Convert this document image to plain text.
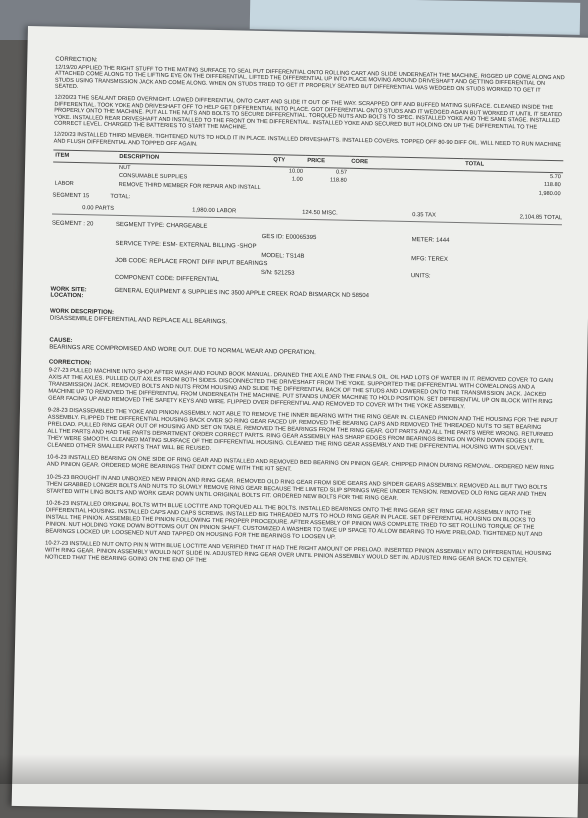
CORRECTION:

12/19/20 APPLIED THE RIGHT STUFF TO THE MATING SURFACE TO SEAL PUT DIFFERENTIAL ONTO ROLLING CART AND SLIDE UNDERNEATH THE MACHINE. RIGGED UP COME ALONG AND ATTACHED COME ALONG TO THE LIFTING EYE ON THE DIFFERENTIAL. LIFTED THE DIFFERENTIAL UP INTO PLACE MOVING AROUND DRIVESHAFT AND GETTING DIFFERENTIAL ON STUDS USING TRANSMISSION JACK AND COME ALONG. WHEN ON STUDS TRIED TO GET IT PROPERLY SEATED BUT DIFFERENTIAL WAS WEDGED ON STUDS WORKED TO GET IT SEATED.

12/20/23 THE SEALANT DRIED OVERNIGHT. LOWED DIFFERENTIAL ONTO CART AND SLIDE IT OUT OF THE WAY. SCRAPPED OFF AND BUFFED MATING SURFACE. CLEANED INSIDE THE DIFFERENTIAL. TOOK YOKE AND DRIVESHAFT OFF TO HELP GET DIFFERENTIAL INTO PLACE. GOT DIFFERENTIAL ONTO STUDS AND IT WEDGED AGAIN BUT WORKED IT UNTIL IT SEATED PROPERLY ONTO THE MACHINE. PUT ALL THE NUTS AND BOLTS TO SECURE DIFFERENTIAL. TORQUED NUTS AND BOLTS TO SPEC. INSTALLED YOKE AND THE SAME STAGE. INSTALLED YOKE. INSTALLED REAR DRIVESHAFT AND INSTALLED TO THE FRONT ON THE DIFFERENTIAL. INSTALLED YOKE AND SECURED BUT HOLDING ON UP THE DIFFERENTIAL TO THE CORRECT LEVEL. CHARGED THE BATTERIES TO START THE MACHINE.

12/20/23 INSTALLED THIRD MEMBER. TIGHTENED NUTS TO HOLD IT IN PLACE. INSTALLED DRIVESHAFTS. INSTALLED COVERS. TOPPED OFF 80-90 DIFF OIL. WILL NEED TO RUN MACHINE AND FLUSH DIFFERENTIAL AND TOPPED OFF AGAIN.

ITEM	DESCRIPTION	QTY	PRICE	CORE	TOTAL
	NUT	10.00	0.57		5.70
	CONSUMABLE SUPPLIES	1.00	118.80		118.80
LABOR	REMOVE THIRD MEMBER FOR REPAIR AND INSTALL				1,980.00
SEGMENT 15	TOTAL:
0.00 PARTS	1,980.00 LABOR	124.50 MISC.	0.35 TAX	2,104.85 TOTAL
SEGMENT : 20	SEGMENT TYPE: CHARGEABLE
GES ID: E00065395	METER: 1444
SERVICE TYPE: ESM- EXTERNAL BILLING -SHOP
MODEL: TS14B	MFG: TEREX
JOB CODE: REPLACE FRONT DIFF INPUT BEARINGS
S/N: 521253	UNITS:
COMPONENT CODE: DIFFERENTIAL
WORK SITE:
LOCATION:	GENERAL EQUIPMENT & SUPPLIES INC 3500 APPLE CREEK ROAD BISMARCK ND 58504
WORK DESCRIPTION:
DISASSEMBLE DIFFERENTIAL AND REPLACE ALL BEARINGS.
CAUSE:
BEARINGS ARE COMPROMISED AND WORE OUT. DUE TO NORMAL WEAR AND OPERATION.
CORRECTION:

9-27-23 PULLED MACHINE INTO SHOP AFTER WASH AND FOUND BOOK MANUAL. DRAINED THE AXLE AND THE FINALS OIL. OIL HAD LOTS OF WATER IN IT. REMOVED COVER TO GAIN AXIS AT THE AXLES. PULLED OUT AXLES FROM BOTH SIDES. DISCONNECTED THE DRIVESHAFT FROM THE YOKE. SUPPORTED THE DIFFERENTIAL WITH COMEALONGS AND A TRANSMISSION JACK. REMOVED BOLTS AND NUTS FROM HOUSING AND SLIDE THE DIFFERENTIAL BACK OF THE STUDS AND LOWERED ONTO THE TRANSMISSION JACK. JACKED MACHINE UP TO REMOVED THE DIFFERENTIAL FROM UNDERNEATH THE MACHINE. PUT STANDS UNDER MACHINE TO HOLD POSITION. SET DIFFERENTIAL UP ON BLOCK WITH RING GEAR FACING UP AND REMOVED THE SAFETY KEYS AND WIRE. FLIPPED OVER DIFFERENTIAL AND REMOVED TO COVER WITH THE YOKE ASSEMBLY.

9-28-23 DISASSEMBLED THE YOKE AND PINION ASSEMBLY. NOT ABLE TO REMOVE THE INNER BEARING WITH THE RING GEAR IN. CLEANED PINION AND THE HOUSING FOR THE INPUT ASSEMBLY. FLIPPED THE DIFFERENTIAL HOUSING BACK OVER SO RING GEAR FACED UP. REMOVED THE BEARING CAPS AND REMOVED THE THREADED NUTS TO SET BEARING PRELOAD. PULLED RING GEAR OUT OF HOUSING AND SET ON TABLE. REMOVED THE BEARINGS FROM THE RING GEAR. GOT PARTS AND ALL THE PARTS WERE WRONG. RETURNED ALL THE PARTS AND HAD THE PARTS DEPARTMENT ORDER CORRECT PARTS. RING GEAR ASSEMBLY HAS SHARP EDGES FROM BEARINGS BEING ON WORN DOWN EDGES UNTIL THEY WERE SMOOTH. CLEANED MATING SURFACE OF THE DIFFERENTIAL HOUSING. CLEANED THE RING GEAR ASSEMBLY AND THE DIFFERENTIAL HOUSING WITH SOLVENT. CLEANED OTHER SMALLER PARTS THAT WILL BE REUSED.

10-6-23 INSTALLED BEARING ON ONE SIDE OF RING GEAR AND INSTALLED AND REMOVED BED BEARING ON PINION GEAR. CHIPPED PINION DURING REMOVAL. ORDERED NEW RING AND PINION GEAR. ORDERED MORE BEARINGS THAT DIDN'T COME WITH THE KIT SENT.

10-25-23 BROUGHT IN AND UNBOXED NEW PINION AND RING GEAR. REMOVED OLD RING GEAR FROM SIDE GEARS AND SPIDER GEARS ASSEMBLY. REMOVED ALL BUT TWO BOLTS THEN GRABBED LONGER BOLTS AND NUTS TO SLOWLY REMOVE RING GEAR BECAUSE THE LIMITED SLIP SPRINGS WERE UNDER TENSION. REMOVED OLD RING GEAR AND THEN STARTED WITH LING BOLTS AND WORK GEAR DOWN UNTIL ORIGINAL BOLTS FIT. ORDERED NEW BOLTS FOR THE RING GEAR.

10-26-23 INSTALLED ORIGINAL BOLTS WITH BLUE LOCTITE AND TORQUED ALL THE BOLTS. INSTALLED BEARINGS ONTO THE RING GEAR SET RING GEAR ASSEMBLY INTO THE DIFFERENTIAL HOUSING. INSTALLED CAPS AND CAPS SCREWS. INSTALLED BIG THREADED NUTS TO HOLD RING GEAR IN PLACE. SET DIFFERENTIAL HOUSING ON BLOCKS TO INSTALL THE PINION. ASSEMBLED THE PINION FOLLOWING THE PROPER PROCEDURE. AFTER ASSEMBLY OF PINION WAS COMPLETE TRIED TO SET ROLLING TORQUE OF THE PINION. NUT HOLDING YOKE DOWN BOTTOMS OUT ON PINION SHAFT. CUSTOMIZED A WASHER TO TAKE UP SPACE TO ALLOW BEARING TO HAVE PRELOAD. TIGHTENED NUT AND BEARINGS LOCKED UP. LOOSENED NUT AND TAPPED ON HOUSING FOR THE BEARINGS TO LOOSEN UP.

10-27-23 INSTALLED NUT ONTO PIN N WITH BLUE LOCTITE AND VERIFIED THAT IT HAD THE RIGHT AMOUNT OF PRELOAD. INSERTED PINION ASSEMBLY INTO DIFFERENTIAL HOUSING WITH RING GEAR. PINION ASSEMBLY WOULD NOT SLIDE IN. ADJUSTED RING GEAR OVER UNTIL PINION ASSEMBLY WOULD SET IN. ADJUSTED RING GEAR BACK TO CENTER. NOTICED THAT THE BEARING GOING ON THE END OF THE
